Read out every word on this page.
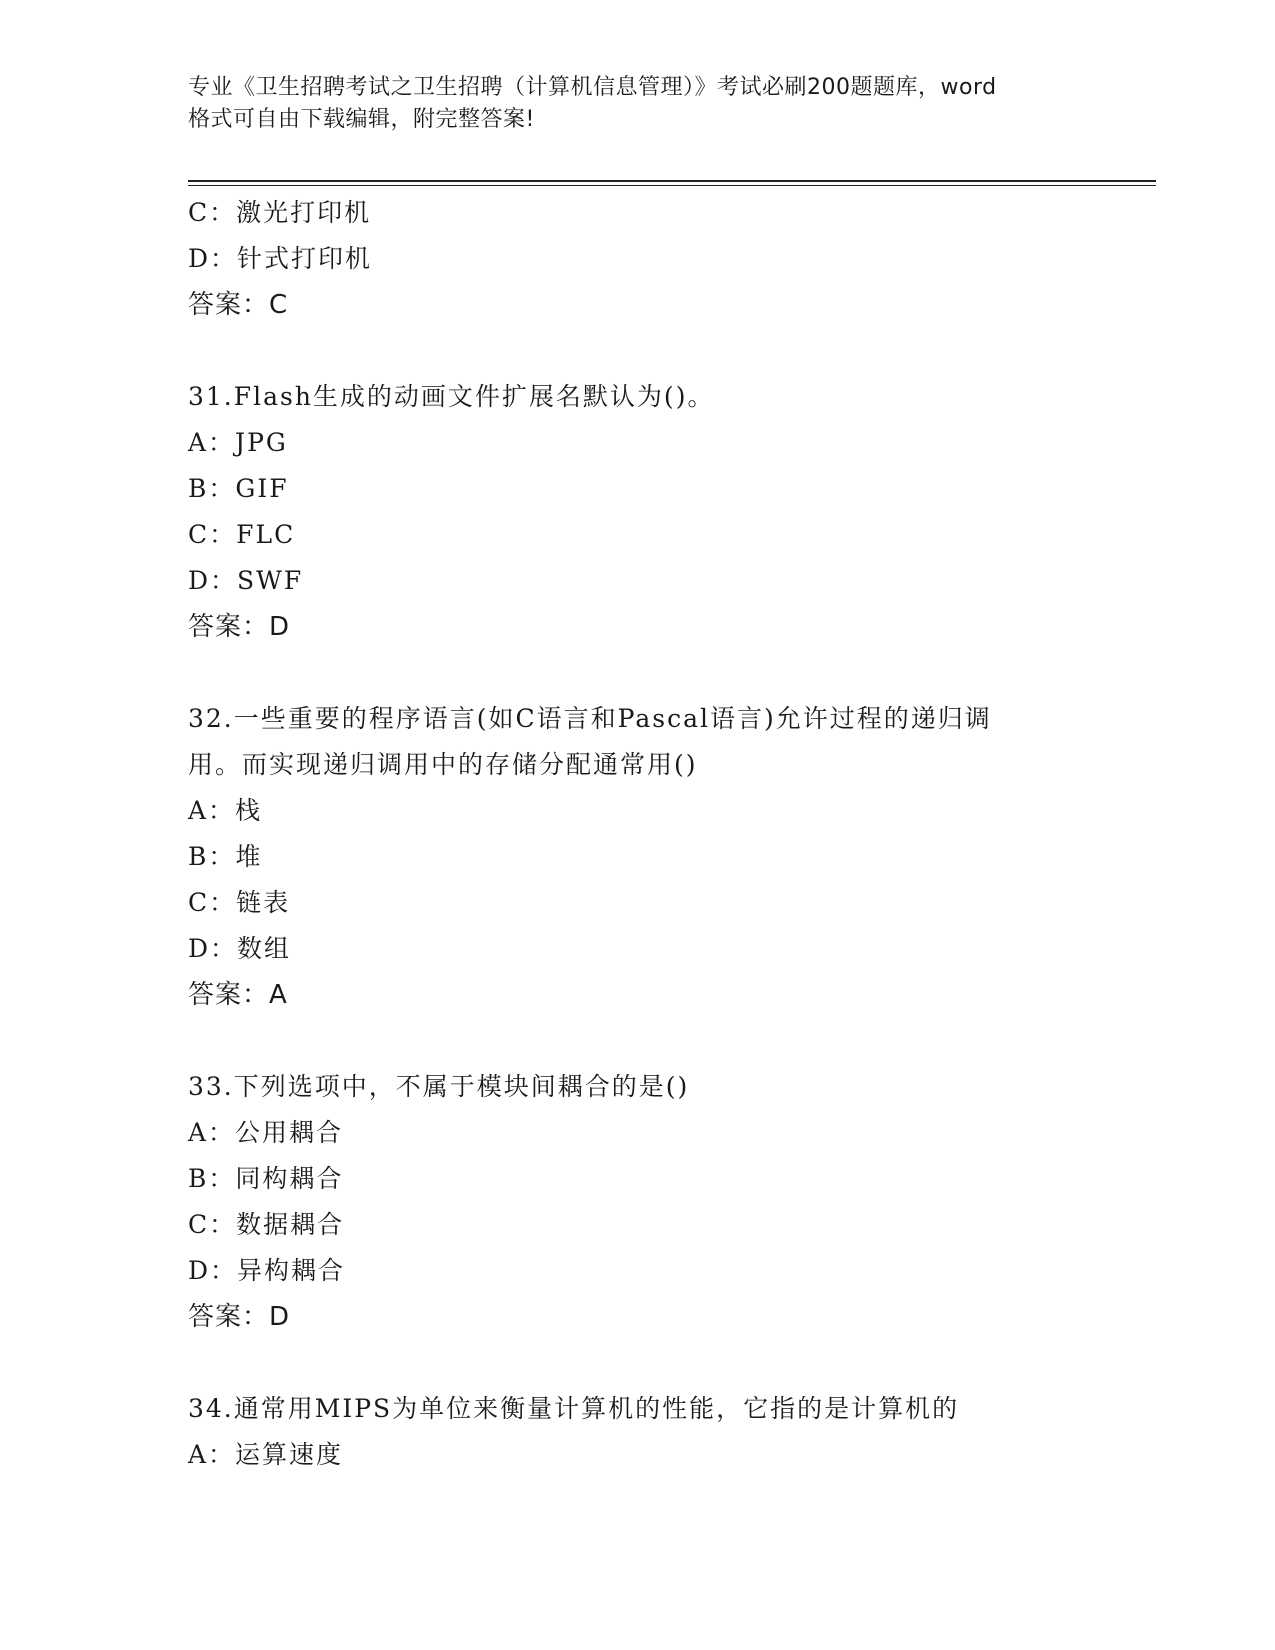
专业《卫生招聘考试之卫生招聘（计算机信息管理）》考试必刷200题题库，word
格式可自由下载编辑，附完整答案!
C：激光打印机
D：针式打印机
答案：C
31.Flash生成的动画文件扩展名默认为()。
A：JPG
B：GIF
C：FLC
D：SWF
答案：D
32.一些重要的程序语言(如C语言和Pascal语言)允许过程的递归调
用。而实现递归调用中的存储分配通常用()
A：栈
B：堆
C：链表
D：数组
答案：A
33.下列选项中，不属于模块间耦合的是()
A：公用耦合
B：同构耦合
C：数据耦合
D：异构耦合
答案：D
34.通常用MIPS为单位来衡量计算机的性能，它指的是计算机的
A：运算速度
